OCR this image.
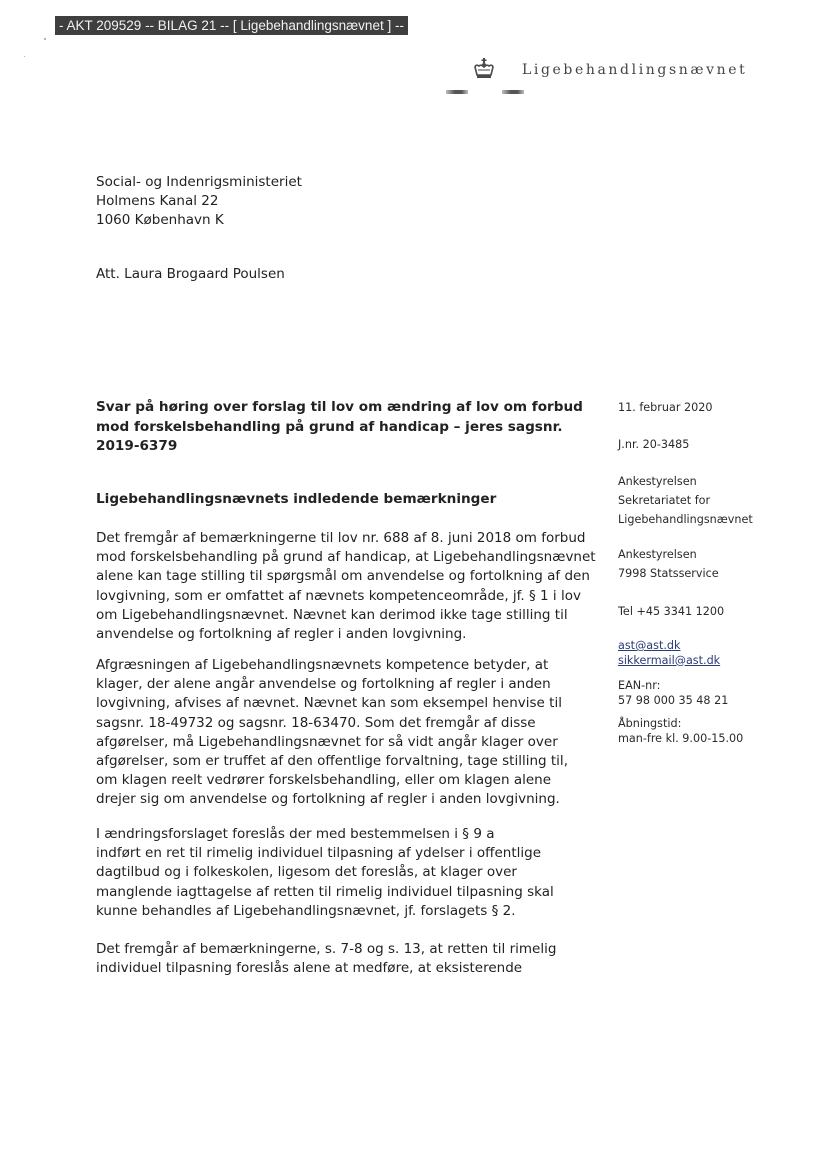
- AKT 209529 -- BILAG 21 -- [ Ligebehandlingsnævnet ] --
Ligebehandlingsnævnet
Social- og Indenrigsministeriet
Holmens Kanal 22
1060 København K
Att. Laura Brogaard Poulsen
Svar på høring over forslag til lov om ændring af lov om forbud
mod forskelsbehandling på grund af handicap – jeres sagsnr.
2019-6379
Ligebehandlingsnævnets indledende bemærkninger
Det fremgår af bemærkningerne til lov nr. 688 af 8. juni 2018 om forbud
mod forskelsbehandling på grund af handicap, at Ligebehandlingsnævnet
alene kan tage stilling til spørgsmål om anvendelse og fortolkning af den
lovgivning, som er omfattet af nævnets kompetenceområde, jf. § 1 i lov
om Ligebehandlingsnævnet. Nævnet kan derimod ikke tage stilling til
anvendelse og fortolkning af regler i anden lovgivning.
Afgræsningen af Ligebehandlingsnævnets kompetence betyder, at
klager, der alene angår anvendelse og fortolkning af regler i anden
lovgivning, afvises af nævnet. Nævnet kan som eksempel henvise til
sagsnr. 18-49732 og sagsnr. 18-63470. Som det fremgår af disse
afgørelser, må Ligebehandlingsnævnet for så vidt angår klager over
afgørelser, som er truffet af den offentlige forvaltning, tage stilling til,
om klagen reelt vedrører forskelsbehandling, eller om klagen alene
drejer sig om anvendelse og fortolkning af regler i anden lovgivning.
I ændringsforslaget foreslås der med bestemmelsen i § 9 a
indført en ret til rimelig individuel tilpasning af ydelser i offentlige
dagtilbud og i folkeskolen, ligesom det foreslås, at klager over
manglende iagttagelse af retten til rimelig individuel tilpasning skal
kunne behandles af Ligebehandlingsnævnet, jf. forslagets § 2.
Det fremgår af bemærkningerne, s. 7-8 og s. 13, at retten til rimelig
individuel tilpasning foreslås alene at medføre, at eksisterende
11. februar 2020
J.nr. 20-3485
Ankestyrelsen
Sekretariatet for
Ligebehandlingsnævnet
Ankestyrelsen
7998 Statsservice
Tel +45 3341 1200
ast@ast.dk
sikkermail@ast.dk
EAN-nr:
57 98 000 35 48 21
Åbningstid:
man-fre kl. 9.00-15.00
